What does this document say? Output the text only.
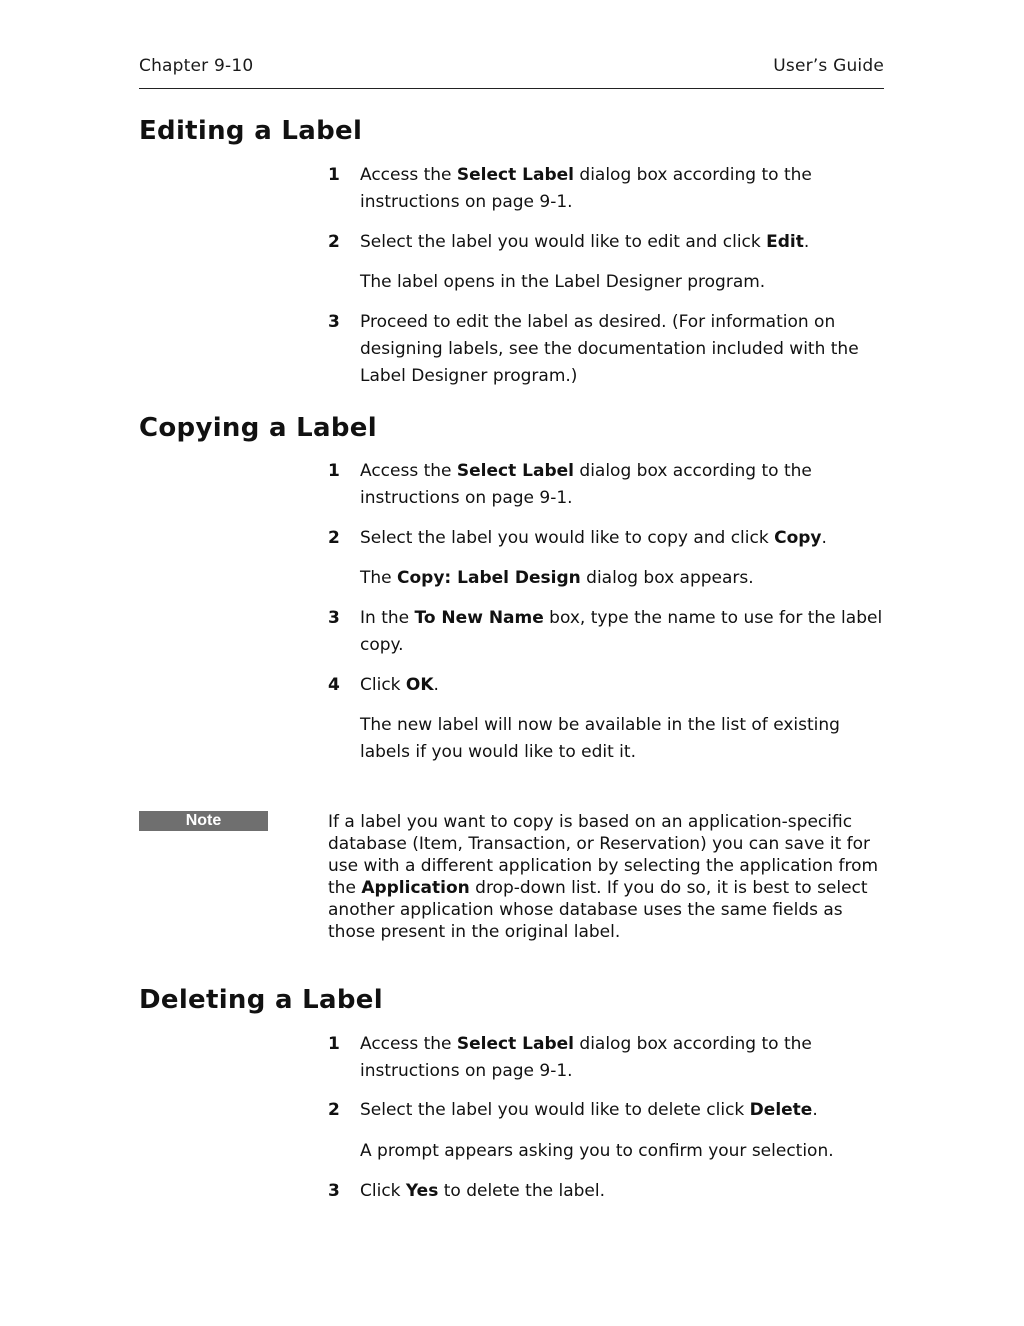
Chapter 9-10	User’s Guide
Editing a Label
1 Access the Select Label dialog box according to the instructions on page 9-1.
2 Select the label you would like to edit and click Edit.
The label opens in the Label Designer program.
3 Proceed to edit the label as desired. (For information on designing labels, see the documentation included with the Label Designer program.)
Copying a Label
1 Access the Select Label dialog box according to the instructions on page 9-1.
2 Select the label you would like to copy and click Copy.
The Copy: Label Design dialog box appears.
3 In the To New Name box, type the name to use for the label copy.
4 Click OK.
The new label will now be available in the list of existing labels if you would like to edit it.
Note	If a label you want to copy is based on an application-specific database (Item, Transaction, or Reservation) you can save it for use with a different application by selecting the application from the Application drop-down list. If you do so, it is best to select another application whose database uses the same fields as those present in the original label.
Deleting a Label
1 Access the Select Label dialog box according to the instructions on page 9-1.
2 Select the label you would like to delete click Delete.
A prompt appears asking you to confirm your selection.
3 Click Yes to delete the label.
